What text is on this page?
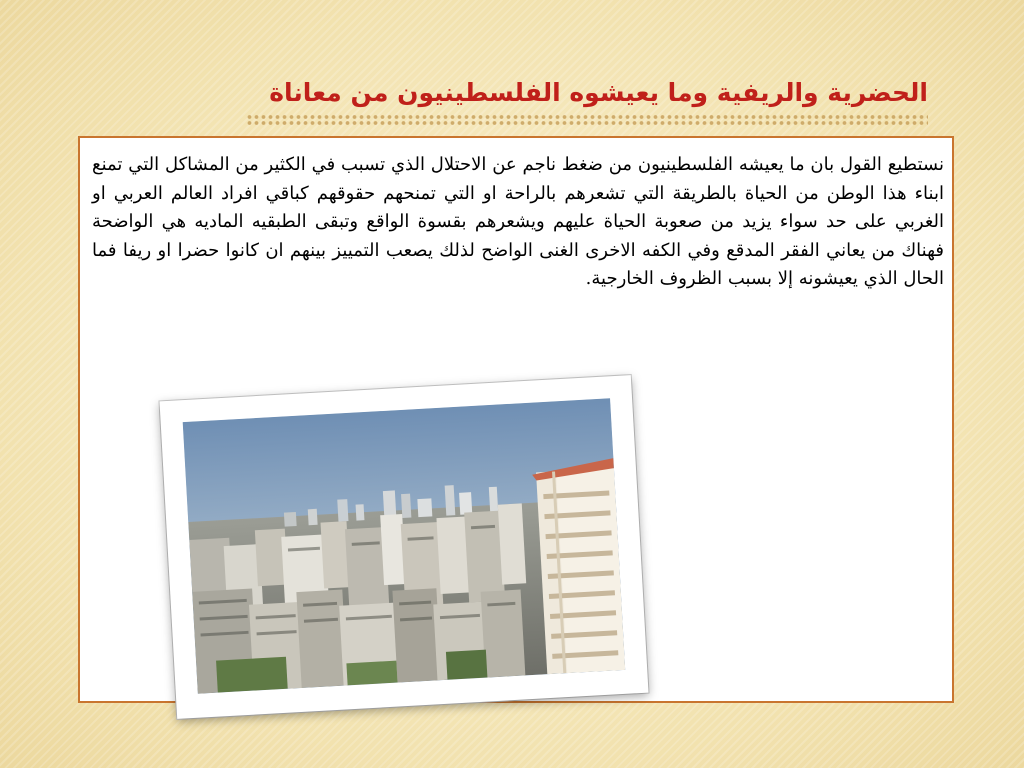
الحضرية والريفية وما يعيشوه الفلسطينيون من معاناة

نستطيع القول بان ما يعيشه الفلسطينيون من ضغط ناجم عن الاحتلال الذي تسبب في الكثير من المشاكل التي تمنع ابناء هذا الوطن من الحياة بالطريقة التي تشعرهم بالراحة او التي تمنحهم حقوقهم كباقي افراد العالم العربي او الغربي على حد سواء يزيد من صعوبة الحياة عليهم ويشعرهم بقسوة الواقع وتبقى الطبقيه الماديه هي الواضحة فهناك من يعاني الفقر المدقع وفي الكفه الاخرى الغنى الواضح لذلك يصعب التمييز بينهم ان كانوا حضرا او ريفا فما الحال الذي يعيشونه إلا بسبب الظروف الخارجية.
